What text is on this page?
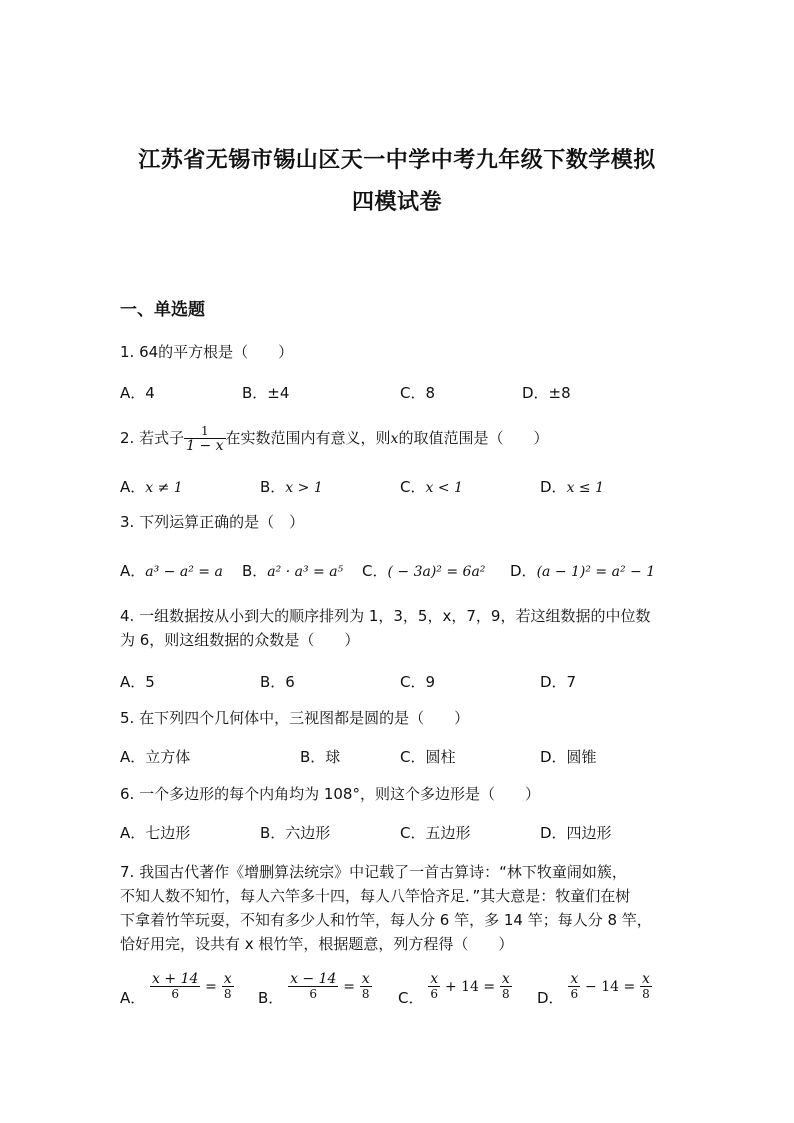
江苏省无锡市锡山区天一中学中考九年级下数学模拟
四模试卷
一、单选题
1. 64的平方根是（　　）
A．4	B．±4	C．8	D．±8
2. 若式子 $\frac{1}{1 - x}$ 在实数范围内有意义，则x的取值范围是（　　）
A．x ≠ 1	B．x > 1	C．x < 1	D．x ≤ 1
3. 下列运算正确的是（　）
A．a³ − a² = a B．a² · a³ = a⁵ C．( − 3a)² = 6a² D．(a − 1)² = a² − 1
4. 一组数据按从小到大的顺序排列为 1，3，5，x，7，9，若这组数据的中位数
为 6，则这组数据的众数是（　　）
A．5	B．6	C．9	D．7
5. 在下列四个几何体中，三视图都是圆的是（　　）
A．立方体	B．球	C．圆柱	D．圆锥
6. 一个多边形的每个内角均为 108°，则这个多边形是（　　）
A．七边形	B．六边形	C．五边形	D．四边形
7. 我国古代著作《增删算法统宗》中记载了一首古算诗：“林下牧童闹如簇，
不知人数不知竹，每人六竿多十四，每人八竿恰齐足．”其大意是：牧童们在树
下拿着竹竿玩耍，不知有多少人和竹竿，每人分 6 竿，多 14 竿；每人分 8 竿，
恰好用完，设共有 x 根竹竿，根据题意，列方程得（　　）
A． $\frac{x + 14}{6} = \frac{x}{8}$ B． $\frac{x - 14}{6} = \frac{x}{8}$ C． $\frac{x}{6} + 14 = \frac{x}{8}$ D． $\frac{x}{6} - 14 = \frac{x}{8}$
